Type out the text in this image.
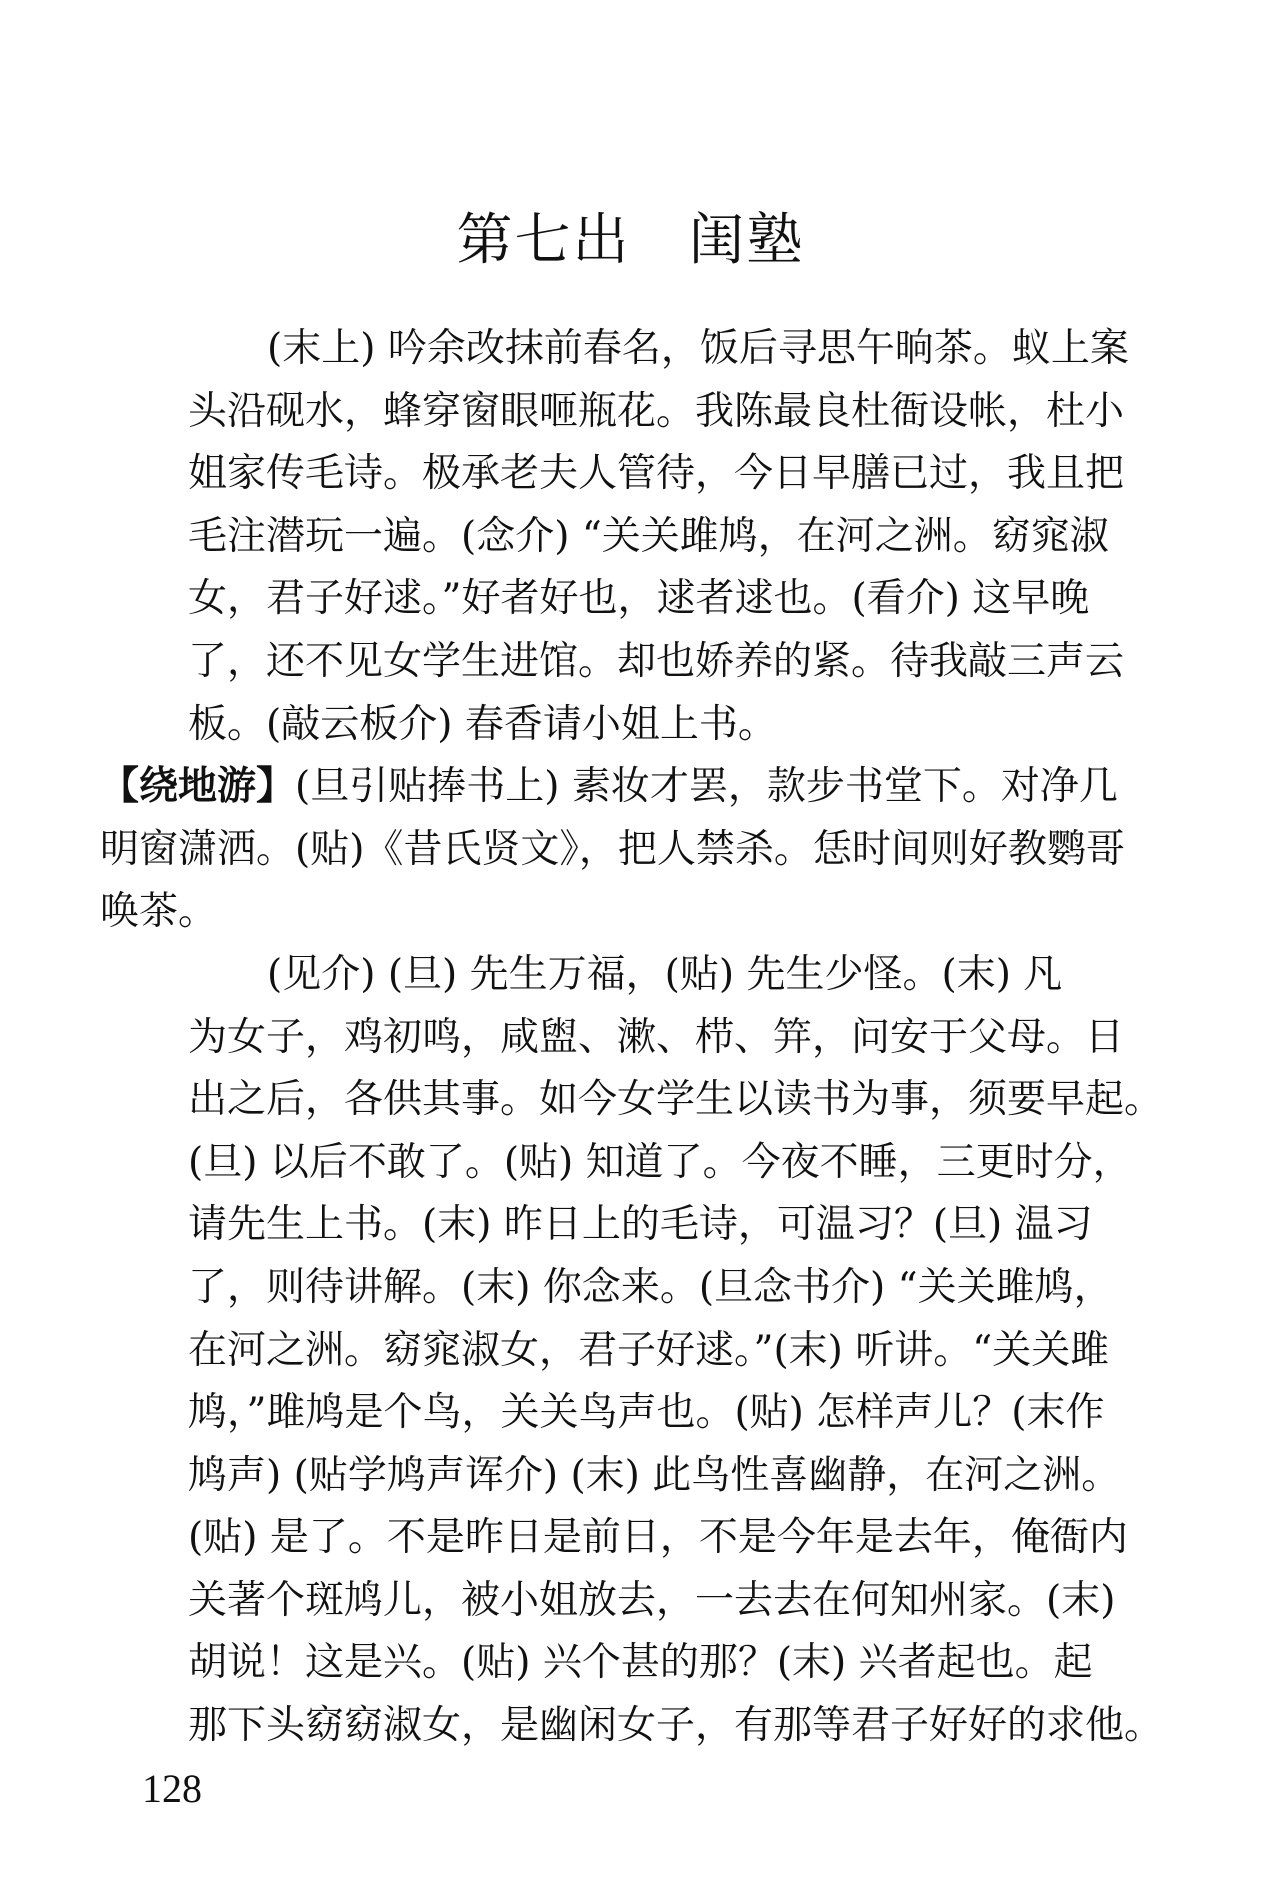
第七出　闺塾
(末上) 吟余改抹前春名，饭后寻思午晌茶。蚁上案
头沿砚水，蜂穿窗眼咂瓶花。我陈最良杜衙设帐，杜小
姐家传毛诗。极承老夫人管待，今日早膳已过，我且把
毛注潜玩一遍。(念介) “关关雎鸠，在河之洲。窈窕淑
女，君子好逑。”好者好也，逑者逑也。(看介) 这早晚
了，还不见女学生进馆。却也娇养的紧。待我敲三声云
板。(敲云板介) 春香请小姐上书。
【绕地游】(旦引贴捧书上) 素妆才罢，款步书堂下。对净几
明窗潇洒。(贴)《昔氏贤文》，把人禁杀。恁时间则好教鹦哥
唤茶。
(见介) (旦) 先生万福，(贴) 先生少怪。(末) 凡
为女子，鸡初鸣，咸盥、漱、栉、笄，问安于父母。日
出之后，各供其事。如今女学生以读书为事，须要早起。
(旦) 以后不敢了。(贴) 知道了。今夜不睡，三更时分，
请先生上书。(末) 昨日上的毛诗，可温习？(旦) 温习
了，则待讲解。(末) 你念来。(旦念书介) “关关雎鸠，
在河之洲。窈窕淑女，君子好逑。”(末) 听讲。“关关雎
鸠，”雎鸠是个鸟，关关鸟声也。(贴) 怎样声儿？(末作
鸠声) (贴学鸠声诨介) (末) 此鸟性喜幽静，在河之洲。
(贴) 是了。不是昨日是前日，不是今年是去年，俺衙内
关著个斑鸠儿，被小姐放去，一去去在何知州家。(末)
胡说！这是兴。(贴) 兴个甚的那？(末) 兴者起也。起
那下头窈窈淑女，是幽闲女子，有那等君子好好的求他。
128
